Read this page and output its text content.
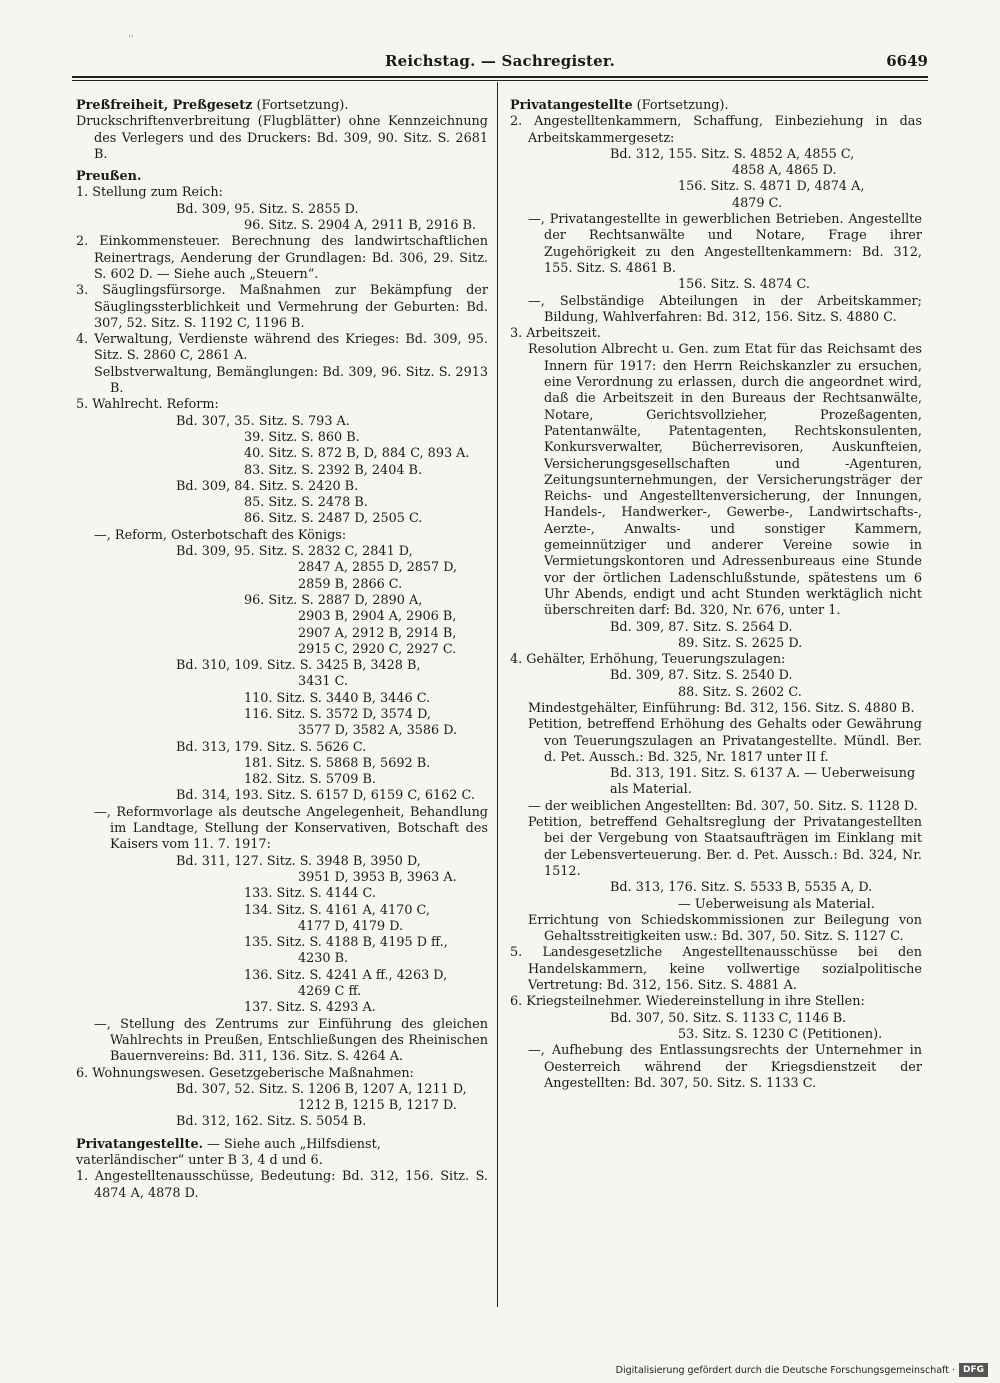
''
Reichstag. — Sachregister.	6649
Preßfreiheit, Preßgesetz (Fortsetzung).
Druckschriftenverbreitung (Flugblätter) ohne Kennzeichnung des Verlegers und des Druckers: Bd. 309, 90. Sitz. S. 2681 B.
Preußen.
1. Stellung zum Reich:
Bd. 309, 95. Sitz. S. 2855 D.
96. Sitz. S. 2904 A, 2911 B, 2916 B.
2. Einkommensteuer. Berechnung des landwirtschaftlichen Reinertrags, Aenderung der Grundlagen: Bd. 306, 29. Sitz. S. 602 D. — Siehe auch „Steuern“.
3. Säuglingsfürsorge. Maßnahmen zur Bekämpfung der Säuglingssterblichkeit und Vermehrung der Geburten: Bd. 307, 52. Sitz. S. 1192 C, 1196 B.
4. Verwaltung, Verdienste während des Krieges: Bd. 309, 95. Sitz. S. 2860 C, 2861 A.
Selbstverwaltung, Bemänglungen: Bd. 309, 96. Sitz. S. 2913 B.
5. Wahlrecht. Reform:
Bd. 307, 35. Sitz. S. 793 A.
39. Sitz. S. 860 B.
40. Sitz. S. 872 B, D, 884 C, 893 A.
83. Sitz. S. 2392 B, 2404 B.
Bd. 309, 84. Sitz. S. 2420 B.
85. Sitz. S. 2478 B.
86. Sitz. S. 2487 D, 2505 C.
—, Reform, Osterbotschaft des Königs:
Bd. 309, 95. Sitz. S. 2832 C, 2841 D,
2847 A, 2855 D, 2857 D,
2859 B, 2866 C.
96. Sitz. S. 2887 D, 2890 A,
2903 B, 2904 A, 2906 B,
2907 A, 2912 B, 2914 B,
2915 C, 2920 C, 2927 C.
Bd. 310, 109. Sitz. S. 3425 B, 3428 B,
3431 C.
110. Sitz. S. 3440 B, 3446 C.
116. Sitz. S. 3572 D, 3574 D,
3577 D, 3582 A, 3586 D.
Bd. 313, 179. Sitz. S. 5626 C.
181. Sitz. S. 5868 B, 5692 B.
182. Sitz. S. 5709 B.
Bd. 314, 193. Sitz. S. 6157 D, 6159 C, 6162 C.
—, Reformvorlage als deutsche Angelegenheit, Behandlung im Landtage, Stellung der Konservativen, Botschaft des Kaisers vom 11. 7. 1917:
Bd. 311, 127. Sitz. S. 3948 B, 3950 D,
3951 D, 3953 B, 3963 A.
133. Sitz. S. 4144 C.
134. Sitz. S. 4161 A, 4170 C,
4177 D, 4179 D.
135. Sitz. S. 4188 B, 4195 D ff.,
4230 B.
136. Sitz. S. 4241 A ff., 4263 D,
4269 C ff.
137. Sitz. S. 4293 A.
—, Stellung des Zentrums zur Einführung des gleichen Wahlrechts in Preußen, Entschließungen des Rheinischen Bauernvereins: Bd. 311, 136. Sitz. S. 4264 A.
6. Wohnungswesen. Gesetzgeberische Maßnahmen:
Bd. 307, 52. Sitz. S. 1206 B, 1207 A, 1211 D,
1212 B, 1215 B, 1217 D.
Bd. 312, 162. Sitz. S. 5054 B.
Privatangestellte. — Siehe auch „Hilfsdienst, vaterländischer“ unter B 3, 4 d und 6.
1. Angestelltenausschüsse, Bedeutung: Bd. 312, 156. Sitz. S. 4874 A, 4878 D.
Privatangestellte (Fortsetzung).
2. Angestelltenkammern, Schaffung, Einbeziehung in das Arbeitskammergesetz:
Bd. 312, 155. Sitz. S. 4852 A, 4855 C,
4858 A, 4865 D.
156. Sitz. S. 4871 D, 4874 A,
4879 C.
—, Privatangestellte in gewerblichen Betrieben. Angestellte der Rechtsanwälte und Notare, Frage ihrer Zugehörigkeit zu den Angestelltenkammern: Bd. 312, 155. Sitz. S. 4861 B.
156. Sitz. S. 4874 C.
—, Selbständige Abteilungen in der Arbeitskammer; Bildung, Wahlverfahren: Bd. 312, 156. Sitz. S. 4880 C.
3. Arbeitszeit.
Resolution Albrecht u. Gen. zum Etat für das Reichsamt des Innern für 1917: den Herrn Reichskanzler zu ersuchen, eine Verordnung zu erlassen, durch die angeordnet wird, daß die Arbeitszeit in den Bureaus der Rechtsanwälte, Notare, Gerichtsvollzieher, Prozeßagenten, Patentanwälte, Patentagenten, Rechtskonsulenten, Konkursverwalter, Bücherrevisoren, Auskunfteien, Versicherungsgesellschaften und -Agenturen, Zeitungsunternehmungen, der Versicherungsträger der Reichs- und Angestelltenversicherung, der Innungen, Handels-, Handwerker-, Gewerbe-, Landwirtschafts-, Aerzte-, Anwalts- und sonstiger Kammern, gemeinnütziger und anderer Vereine sowie in Vermietungskontoren und Adressenbureaus eine Stunde vor der örtlichen Ladenschlußstunde, spätestens um 6 Uhr Abends, endigt und acht Stunden werktäglich nicht überschreiten darf: Bd. 320, Nr. 676, unter 1.
Bd. 309, 87. Sitz. S. 2564 D.
89. Sitz. S. 2625 D.
4. Gehälter, Erhöhung, Teuerungszulagen:
Bd. 309, 87. Sitz. S. 2540 D.
88. Sitz. S. 2602 C.
Mindestgehälter, Einführung: Bd. 312, 156. Sitz. S. 4880 B.
Petition, betreffend Erhöhung des Gehalts oder Gewährung von Teuerungszulagen an Privatangestellte. Mündl. Ber. d. Pet. Aussch.: Bd. 325, Nr. 1817 unter II f.
Bd. 313, 191. Sitz. S. 6137 A. — Ueberweisung als Material.
— der weiblichen Angestellten: Bd. 307, 50. Sitz. S. 1128 D.
Petition, betreffend Gehaltsreglung der Privatangestellten bei der Vergebung von Staatsaufträgen im Einklang mit der Lebensverteuerung. Ber. d. Pet. Aussch.: Bd. 324, Nr. 1512.
Bd. 313, 176. Sitz. S. 5533 B, 5535 A, D.
— Ueberweisung als Material.
Errichtung von Schiedskommissionen zur Beilegung von Gehaltsstreitigkeiten usw.: Bd. 307, 50. Sitz. S. 1127 C.
5. Landesgesetzliche Angestelltenausschüsse bei den Handelskammern, keine vollwertige sozialpolitische Vertretung: Bd. 312, 156. Sitz. S. 4881 A.
6. Kriegsteilnehmer. Wiedereinstellung in ihre Stellen:
Bd. 307, 50. Sitz. S. 1133 C, 1146 B.
53. Sitz. S. 1230 C (Petitionen).
—, Aufhebung des Entlassungsrechts der Unternehmer in Oesterreich während der Kriegsdienstzeit der Angestellten: Bd. 307, 50. Sitz. S. 1133 C.
Digitalisierung gefördert durch die Deutsche Forschungsgemeinschaft · DFG
